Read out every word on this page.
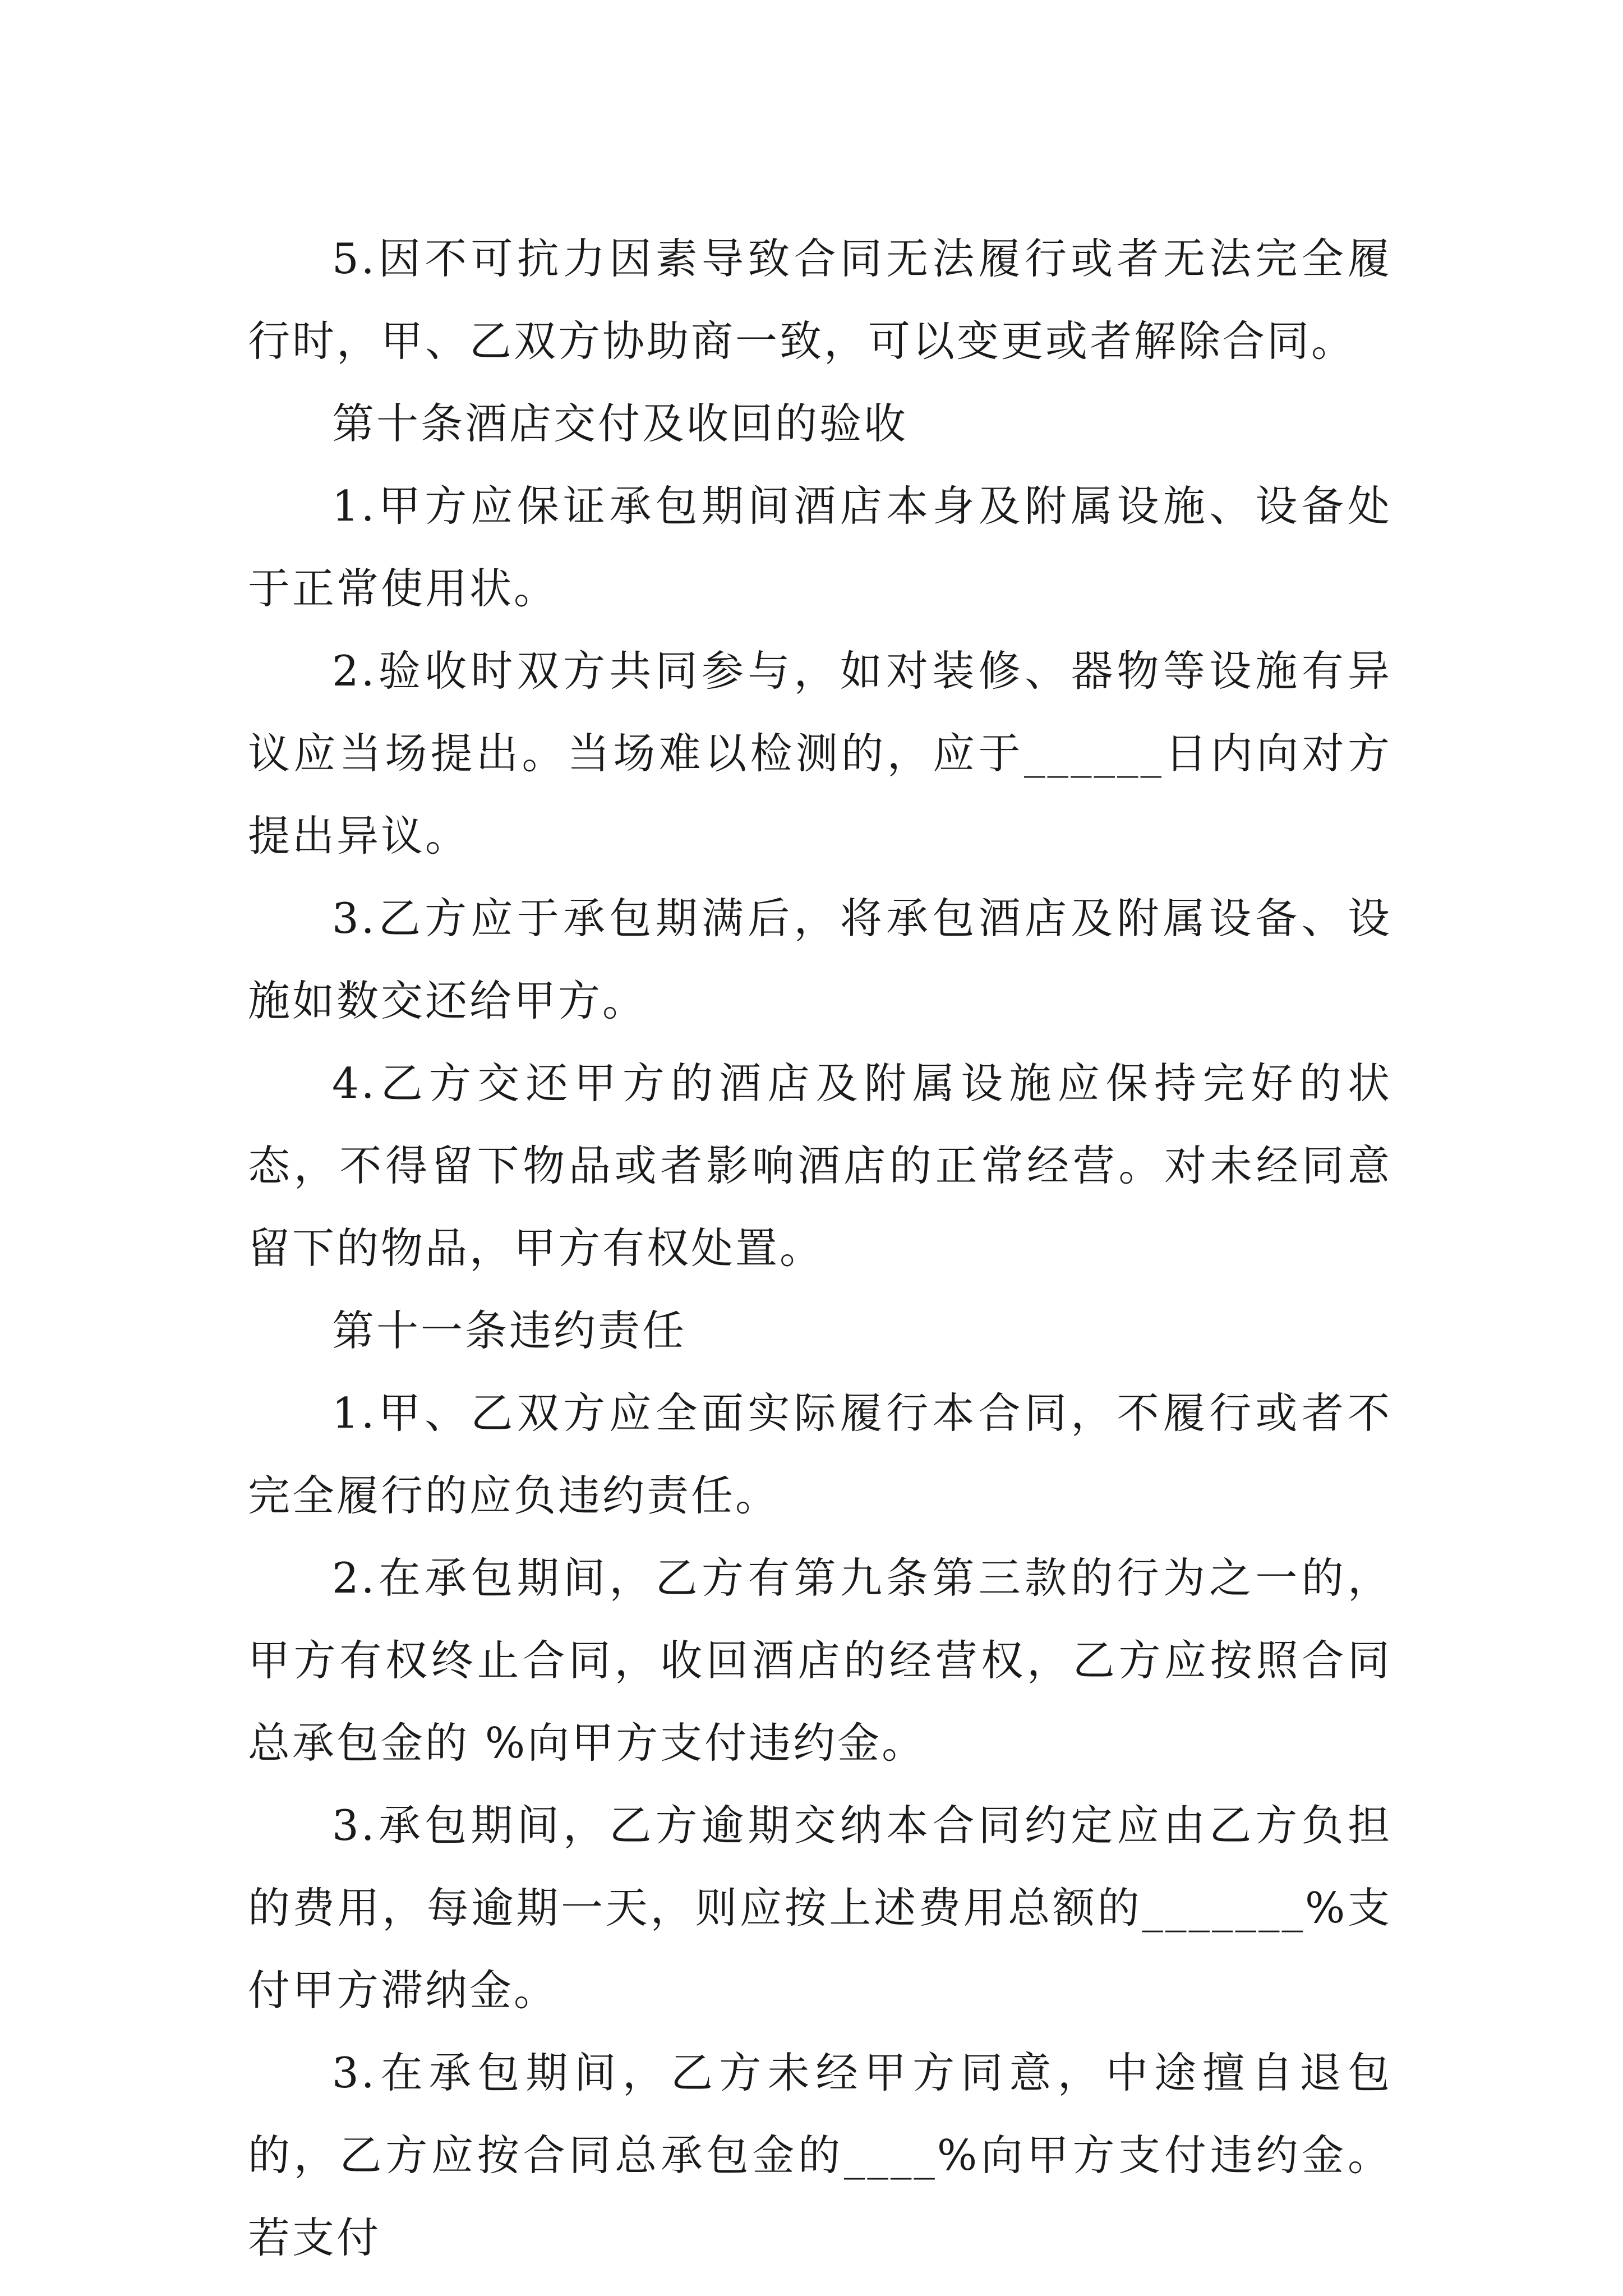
5.因不可抗力因素导致合同无法履行或者无法完全履行时，甲、乙双方协助商一致，可以变更或者解除合同。

第十条酒店交付及收回的验收

1.甲方应保证承包期间酒店本身及附属设施、设备处于正常使用状。

2.验收时双方共同参与，如对装修、器物等设施有异议应当场提出。当场难以检测的，应于______日内向对方提出异议。

3.乙方应于承包期满后，将承包酒店及附属设备、设施如数交还给甲方。

4.乙方交还甲方的酒店及附属设施应保持完好的状态，不得留下物品或者影响酒店的正常经营。对未经同意留下的物品，甲方有权处置。

第十一条违约责任

1.甲、乙双方应全面实际履行本合同，不履行或者不完全履行的应负违约责任。

2.在承包期间，乙方有第九条第三款的行为之一的，甲方有权终止合同，收回酒店的经营权，乙方应按照合同总承包金的 %向甲方支付违约金。

3.承包期间，乙方逾期交纳本合同约定应由乙方负担的费用，每逾期一天，则应按上述费用总额的_______%支付甲方滞纳金。

3.在承包期间，乙方未经甲方同意，中途擅自退包的，乙方应按合同总承包金的____%向甲方支付违约金。若支付
